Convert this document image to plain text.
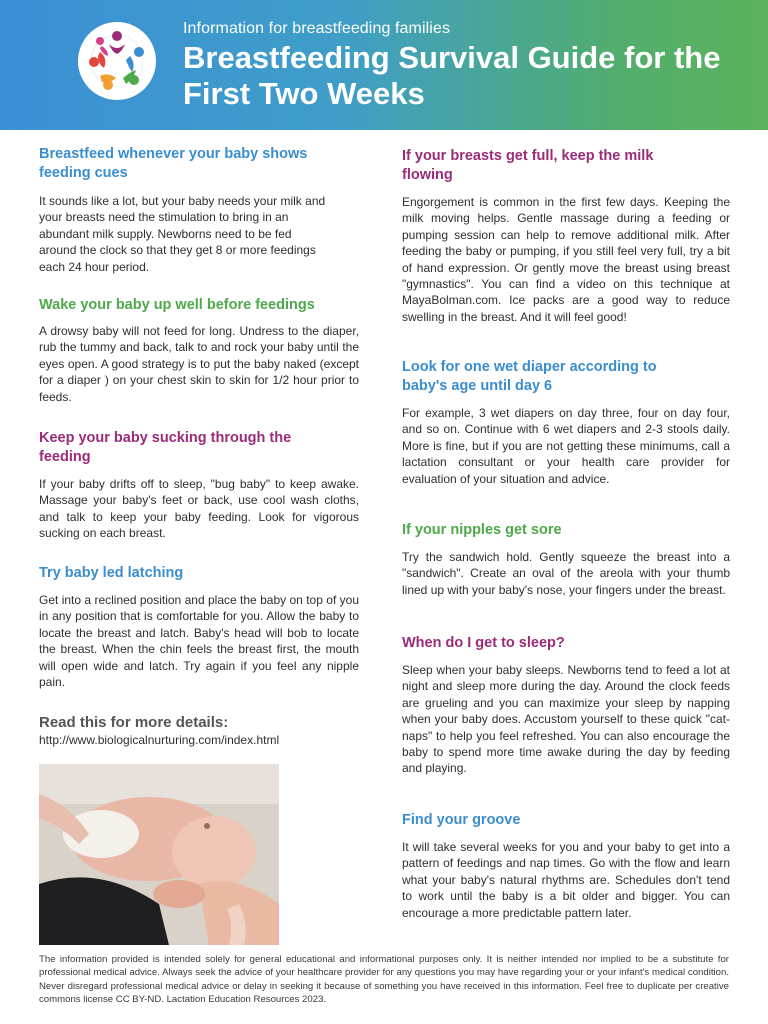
Information for breastfeeding families
Breastfeeding Survival Guide for the First Two Weeks
Breastfeed whenever your baby shows feeding cues

It sounds like a lot, but your baby needs your milk and your breasts need the stimulation to bring in an abundant milk supply. Newborns need to be fed around the clock so that they get 8 or more feedings each 24 hour period.

Wake your baby up well before feedings

A drowsy baby will not feed for long. Undress to the diaper, rub the tummy and back, talk to and rock your baby until the eyes open. A good strategy is to put the baby naked (except for a diaper ) on your chest skin to skin for 1/2 hour prior to feeds.

Keep your baby sucking through the feeding

If your baby drifts off to sleep, "bug baby" to keep awake. Massage your baby's feet or back, use cool wash cloths, and talk to keep your baby feeding. Look for vigorous sucking on each breast.

Try baby led latching

Get into a reclined position and place the baby on top of you in any position that is comfortable for you. Allow the baby to locate the breast and latch. Baby's head will bob to locate the breast. When the chin feels the breast first, the mouth will open wide and latch. Try again if you feel any nipple pain.

Read this for more details:
http://www.biologicalnurturing.com/index.html
If your breasts get full, keep the milk flowing

Engorgement is common in the first few days. Keeping the milk moving helps. Gentle massage during a feeding or pumping session can help to remove additional milk. After feeding the baby or pumping, if you still feel very full, try a bit of hand expression. Or gently move the breast using breast "gymnastics". You can find a video on this technique at MayaBolman.com. Ice packs are a good way to reduce swelling in the breast. And it will feel good!

Look for one wet diaper according to baby's age until day 6

For example, 3 wet diapers on day three, four on day four, and so on. Continue with 6 wet diapers and 2-3 stools daily. More is fine, but if you are not getting these minimums, call a lactation consultant or your health care provider for evaluation of your situation and advice.

If your nipples get sore

Try the sandwich hold. Gently squeeze the breast into a "sandwich". Create an oval of the areola with your thumb lined up with your baby's nose, your fingers under the breast.

When do I get to sleep?

Sleep when your baby sleeps. Newborns tend to feed a lot at night and sleep more during the day. Around the clock feeds are grueling and you can maximize your sleep by napping when your baby does. Accustom yourself to these quick "cat-naps" to help you feel refreshed. You can also encourage the baby to spend more time awake during the day by feeding and playing.

Find your groove

It will take several weeks for you and your baby to get into a pattern of feedings and nap times. Go with the flow and learn what your baby's natural rhythms are. Schedules don't tend to work until the baby is a bit older and bigger. You can encourage a more predictable pattern later.

The information provided is intended solely for general educational and informational purposes only. It is neither intended nor implied to be a substitute for professional medical advice. Always seek the advice of your healthcare provider for any questions you may have regarding your or your infant's medical condition. Never disregard professional medical advice or delay in seeking it because of something you have received in this information. Feel free to duplicate per creative commons license CC BY-ND. Lactation Education Resources 2023.
